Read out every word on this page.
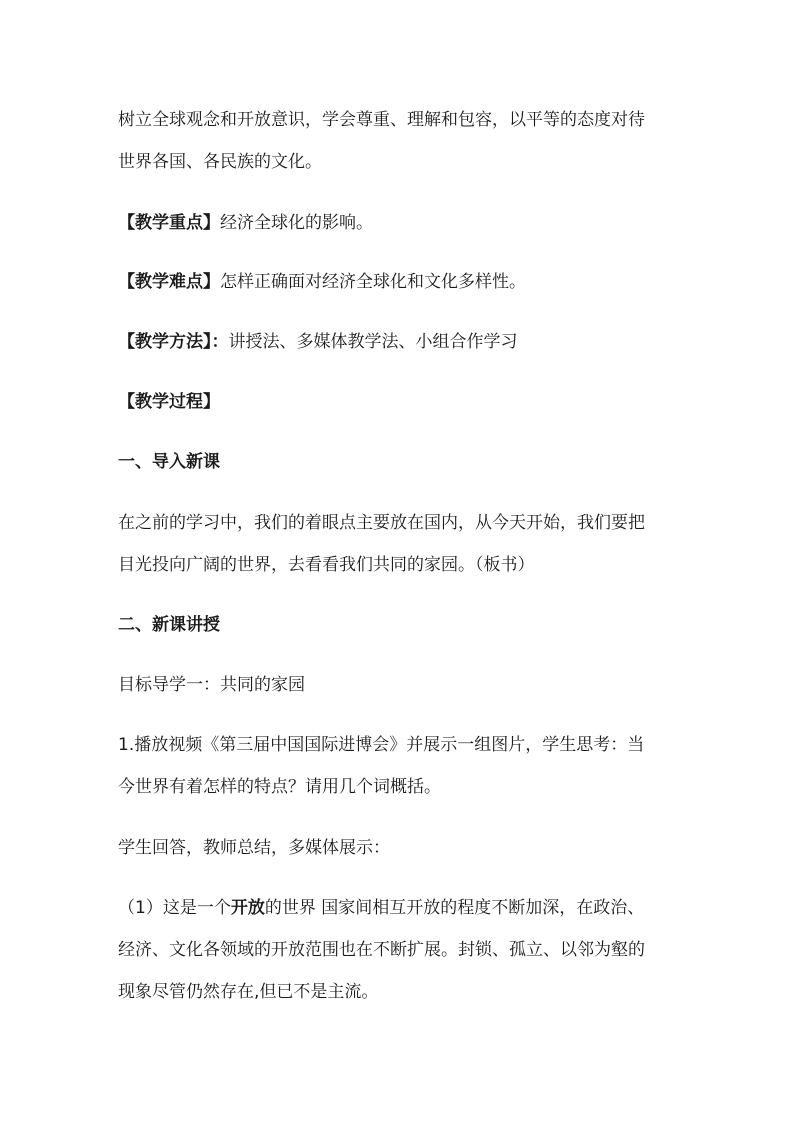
树立全球观念和开放意识，学会尊重、理解和包容，以平等的态度对待
世界各国、各民族的文化。
【教学重点】经济全球化的影响。
【教学难点】怎样正确面对经济全球化和文化多样性。
【教学方法】：讲授法、多媒体教学法、小组合作学习
【教学过程】
一、导入新课
在之前的学习中，我们的着眼点主要放在国内，从今天开始，我们要把
目光投向广阔的世界，去看看我们共同的家园。（板书）
二、新课讲授
目标导学一：共同的家园
1.播放视频《第三届中国国际进博会》并展示一组图片，学生思考：当
今世界有着怎样的特点？请用几个词概括。
学生回答，教师总结，多媒体展示：
（1）这是一个开放的世界 国家间相互开放的程度不断加深，在政治、
经济、文化各领域的开放范围也在不断扩展。封锁、孤立、以邻为壑的
现象尽管仍然存在,但已不是主流。
